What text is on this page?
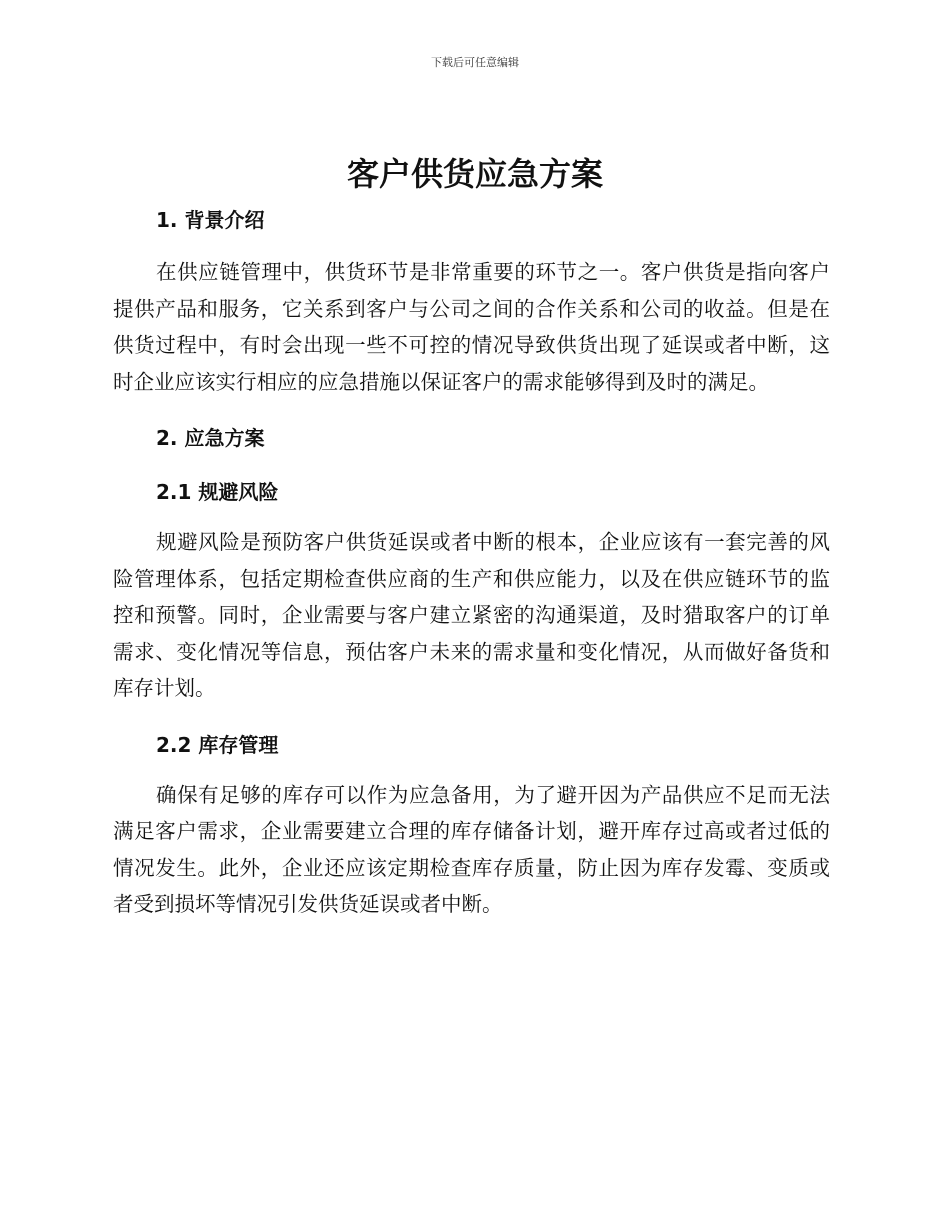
下载后可任意编辑
客户供货应急方案
1. 背景介绍

在供应链管理中，供货环节是非常重要的环节之一。客户供货是指向客户提供产品和服务，它关系到客户与公司之间的合作关系和公司的收益。但是在供货过程中，有时会出现一些不可控的情况导致供货出现了延误或者中断，这时企业应该实行相应的应急措施以保证客户的需求能够得到及时的满足。

2. 应急方案
2.1 规避风险

规避风险是预防客户供货延误或者中断的根本，企业应该有一套完善的风险管理体系，包括定期检查供应商的生产和供应能力，以及在供应链环节的监控和预警。同时，企业需要与客户建立紧密的沟通渠道，及时猎取客户的订单需求、变化情况等信息，预估客户未来的需求量和变化情况，从而做好备货和库存计划。

2.2 库存管理

确保有足够的库存可以作为应急备用，为了避开因为产品供应不足而无法满足客户需求，企业需要建立合理的库存储备计划，避开库存过高或者过低的情况发生。此外，企业还应该定期检查库存质量，防止因为库存发霉、变质或者受到损坏等情况引发供货延误或者中断。
